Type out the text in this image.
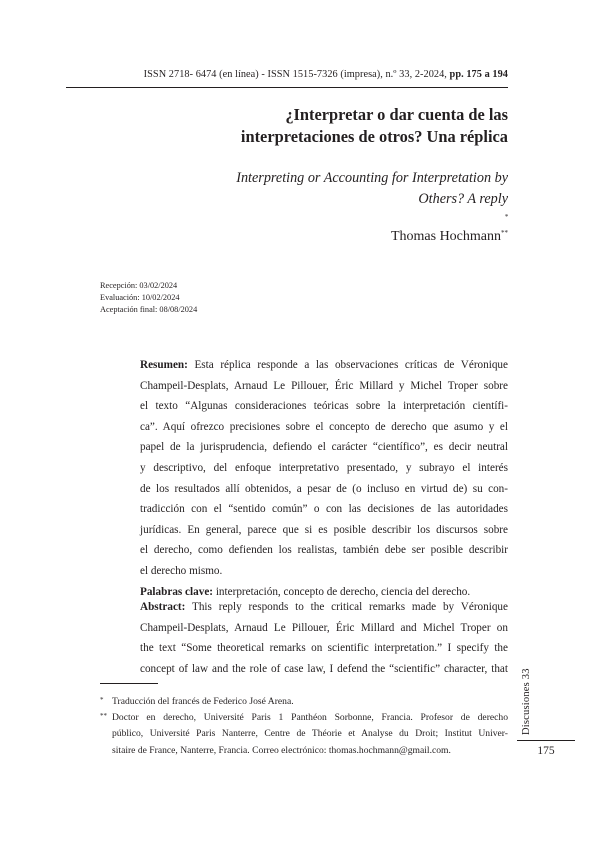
ISSN 2718- 6474 (en línea) - ISSN 1515-7326 (impresa), n.º 33, 2-2024, pp. 175 a 194
¿Interpretar o dar cuenta de las
interpretaciones de otros? Una réplica
Interpreting or Accounting for Interpretation by
Others? A reply
*
Thomas Hochmann**
Recepción: 03/02/2024
Evaluación: 10/02/2024
Aceptación final: 08/08/2024
Resumen: Esta réplica responde a las observaciones críticas de Véronique
Champeil-Desplats, Arnaud Le Pillouer, Éric Millard y Michel Troper sobre
el texto “Algunas consideraciones teóricas sobre la interpretación científi-
ca”. Aquí ofrezco precisiones sobre el concepto de derecho que asumo y el
papel de la jurisprudencia, defiendo el carácter “científico”, es decir neutral
y descriptivo, del enfoque interpretativo presentado, y subrayo el interés
de los resultados allí obtenidos, a pesar de (o incluso en virtud de) su con-
tradicción con el “sentido común” o con las decisiones de las autoridades
jurídicas. En general, parece que si es posible describir los discursos sobre
el derecho, como defienden los realistas, también debe ser posible describir
el derecho mismo.
Palabras clave: interpretación, concepto de derecho, ciencia del derecho.
Abstract: This reply responds to the critical remarks made by Véronique
Champeil-Desplats, Arnaud Le Pillouer, Éric Millard and Michel Troper on
the text “Some theoretical remarks on scientific interpretation.” I specify the
concept of law and the role of case law, I defend the “scientific” character, that
* Traducción del francés de Federico José Arena.
** Doctor en derecho, Université Paris 1 Panthéon Sorbonne, Francia. Profesor de derecho
público, Université Paris Nanterre, Centre de Théorie et Analyse du Droit; Institut Univer-
sitaire de France, Nanterre, Francia. Correo electrónico: thomas.hochmann@gmail.com.
Discusiones 33
175
